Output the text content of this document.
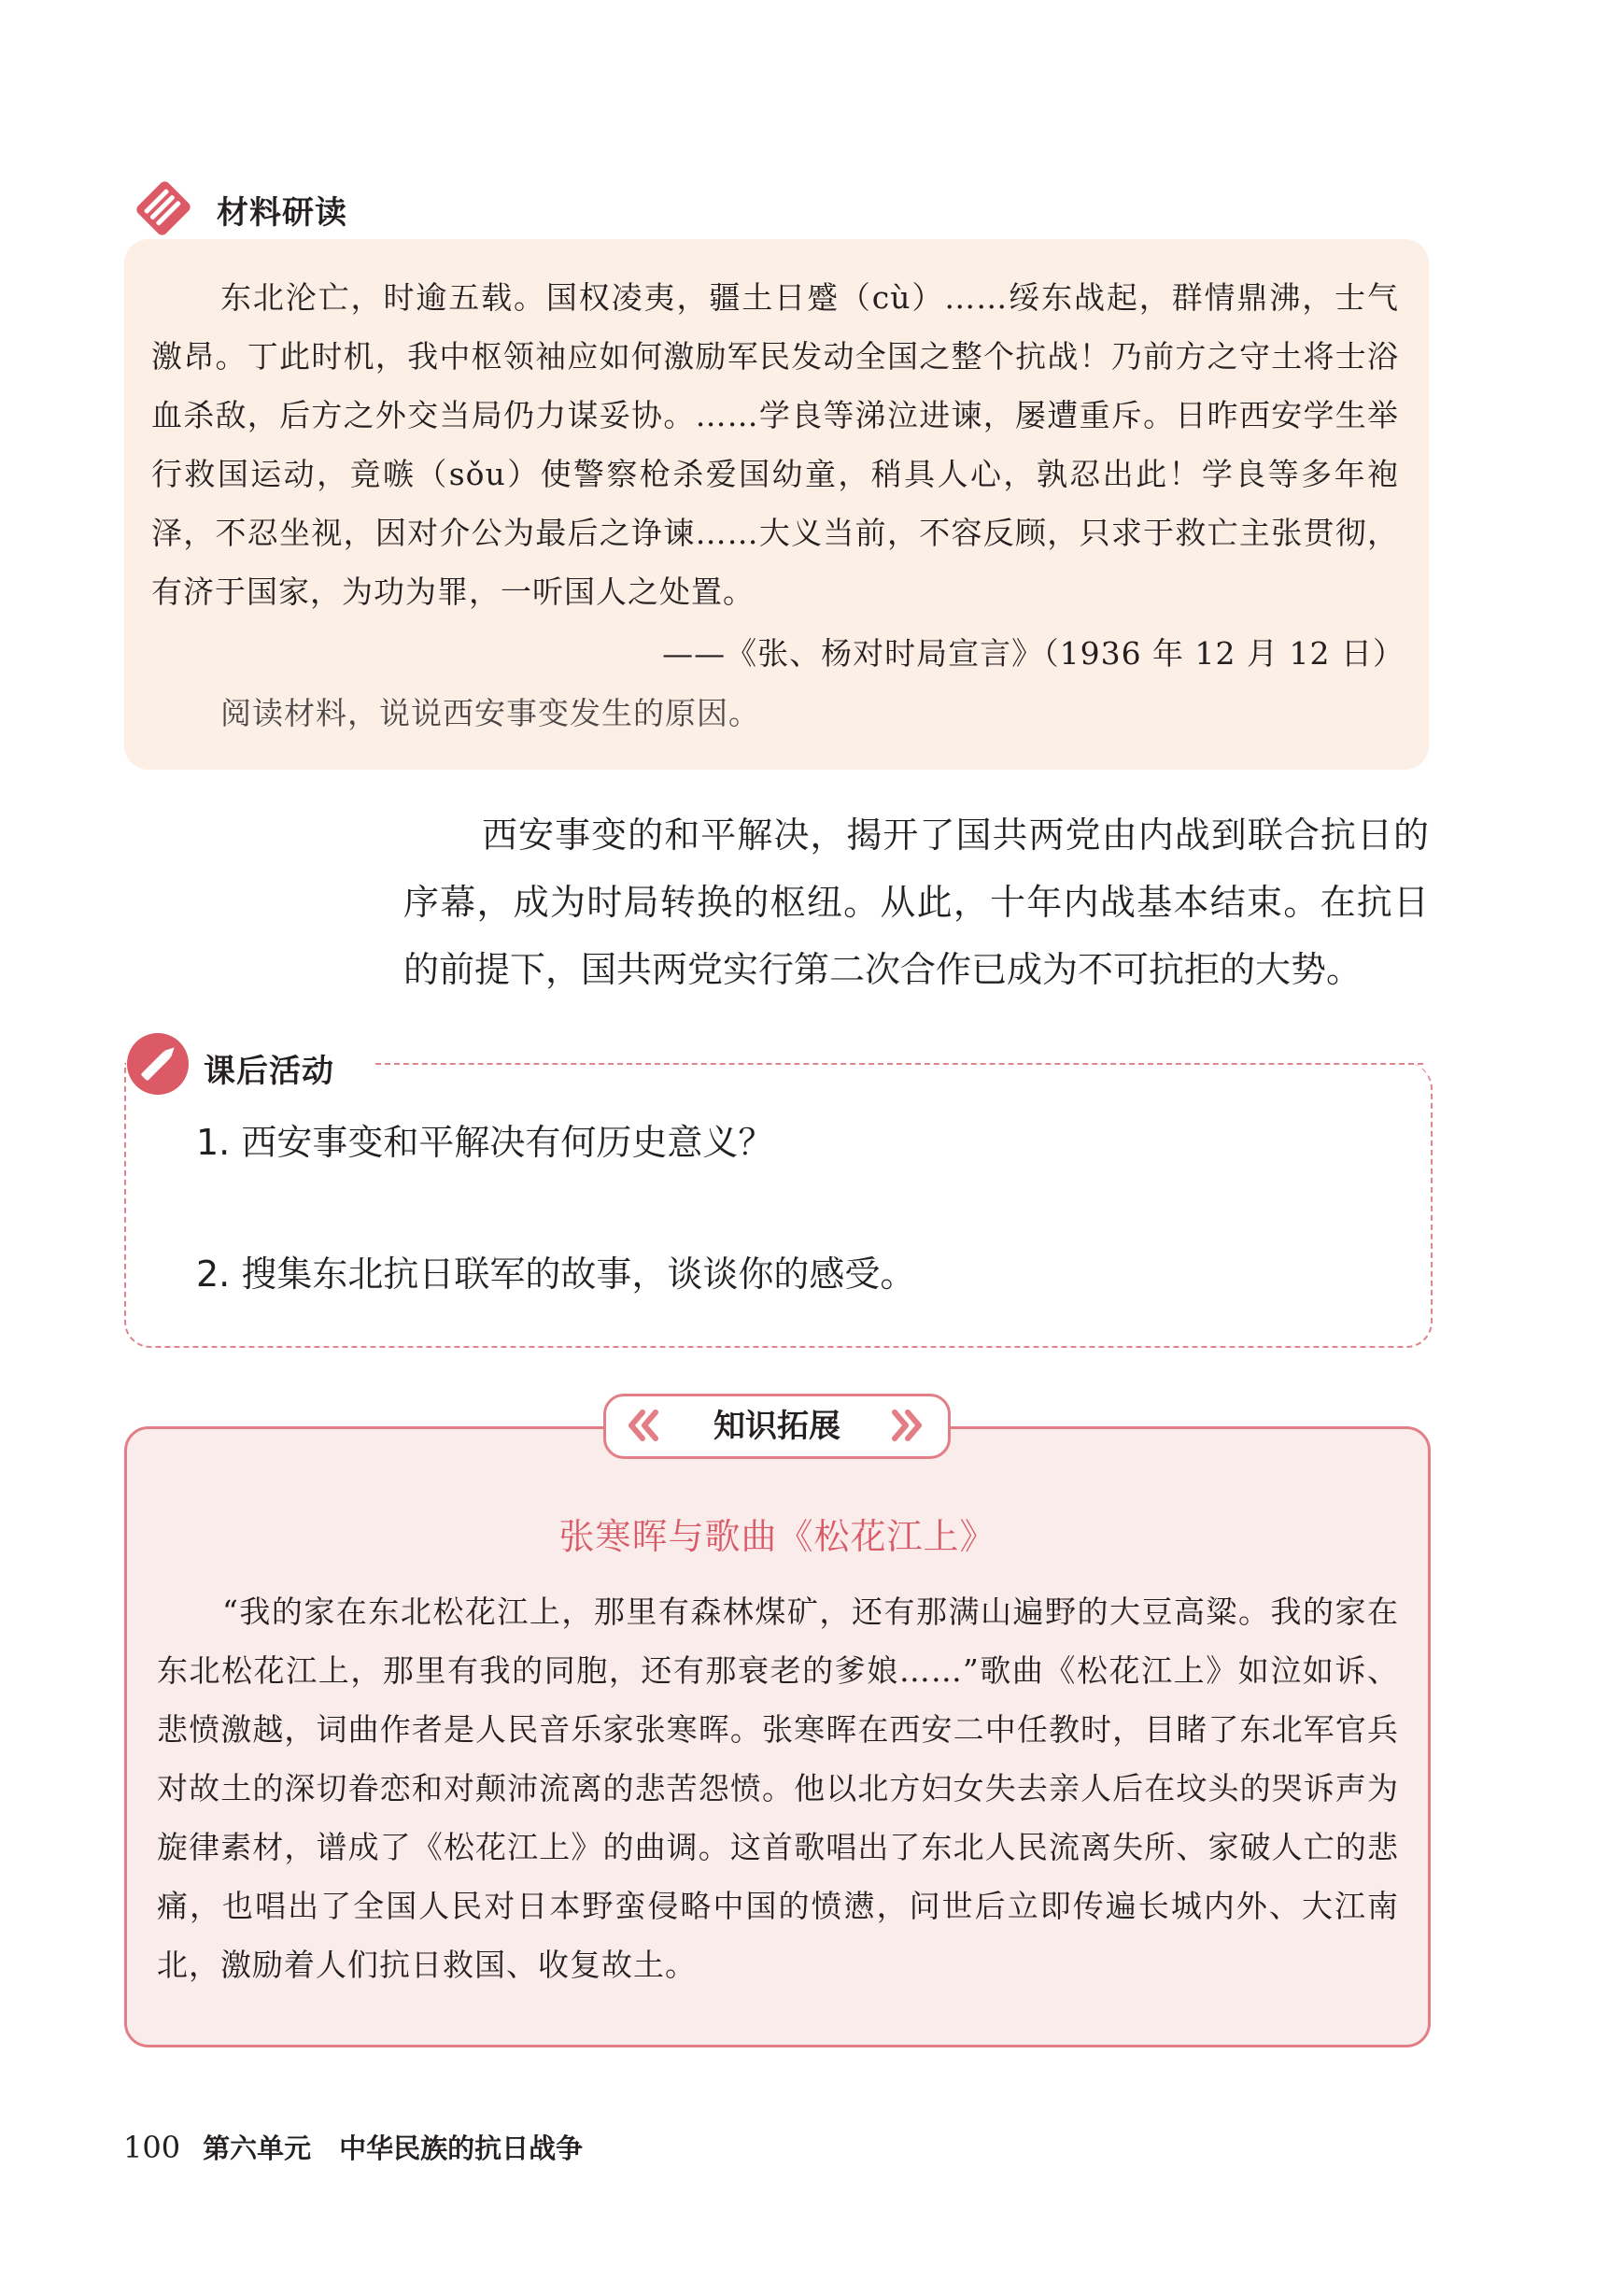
材料研读
东北沦亡，时逾五载。国权凌夷，疆土日蹙（cù）……绥东战起，群情鼎沸，士气激昂。丁此时机，我中枢领袖应如何激励军民发动全国之整个抗战！乃前方之守土将士浴血杀敌，后方之外交当局仍力谋妥协。……学良等涕泣进谏，屡遭重斥。日昨西安学生举行救国运动，竟嗾（sǒu）使警察枪杀爱国幼童，稍具人心，孰忍出此！学良等多年袍泽，不忍坐视，因对介公为最后之诤谏……大义当前，不容反顾，只求于救亡主张贯彻，有济于国家，为功为罪，一听国人之处置。
——《张、杨对时局宣言》（1936 年 12 月 12 日）
阅读材料，说说西安事变发生的原因。
西安事变的和平解决，揭开了国共两党由内战到联合抗日的序幕，成为时局转换的枢纽。从此，十年内战基本结束。在抗日的前提下，国共两党实行第二次合作已成为不可抗拒的大势。
课后活动
1. 西安事变和平解决有何历史意义？
2. 搜集东北抗日联军的故事，谈谈你的感受。
知识拓展
张寒晖与歌曲《松花江上》
“我的家在东北松花江上，那里有森林煤矿，还有那满山遍野的大豆高粱。我的家在东北松花江上，那里有我的同胞，还有那衰老的爹娘……”歌曲《松花江上》如泣如诉、悲愤激越，词曲作者是人民音乐家张寒晖。张寒晖在西安二中任教时，目睹了东北军官兵对故土的深切眷恋和对颠沛流离的悲苦怨愤。他以北方妇女失去亲人后在坟头的哭诉声为旋律素材，谱成了《松花江上》的曲调。这首歌唱出了东北人民流离失所、家破人亡的悲痛，也唱出了全国人民对日本野蛮侵略中国的愤懑，问世后立即传遍长城内外、大江南北，激励着人们抗日救国、收复故土。
100 第六单元 中华民族的抗日战争
